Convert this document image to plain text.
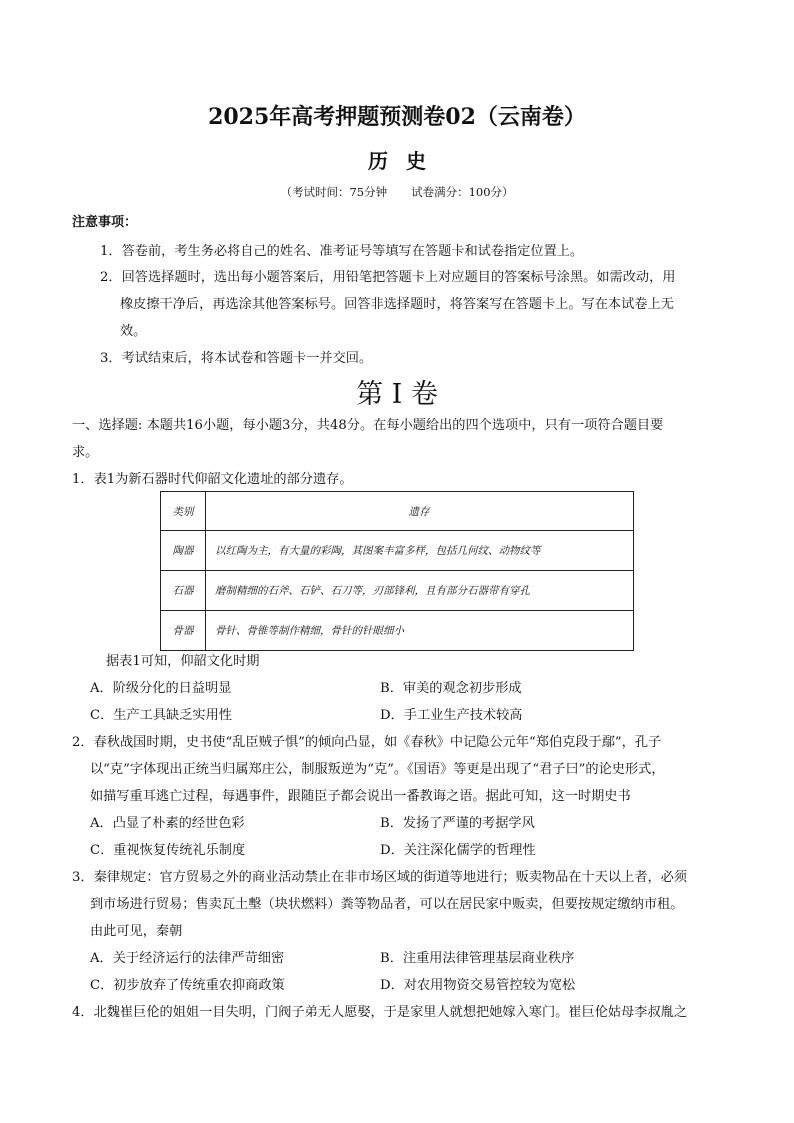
2025年高考押题预测卷02（云南卷）
历史
（考试时间：75分钟 试卷满分：100分）
注意事项：
1．答卷前，考生务必将自己的姓名、准考证号等填写在答题卡和试卷指定位置上。
2．回答选择题时，选出每小题答案后，用铅笔把答题卡上对应题目的答案标号涂黑。如需改动，用
橡皮擦干净后，再选涂其他答案标号。回答非选择题时，将答案写在答题卡上。写在本试卷上无
效。
3．考试结束后，将本试卷和答题卡一并交回。
第 I 卷
一、选择题: 本题共16小题，每小题3分，共48分。在每小题给出的四个选项中，只有一项符合题目要
求。
1．表1为新石器时代仰韶文化遗址的部分遗存。
类别	遗存
陶器	以红陶为主，有大量的彩陶，其图案丰富多样，包括几何纹、动物纹等
石器	磨制精细的石斧、石铲、石刀等，刃部锋利，且有部分石器带有穿孔
骨器	骨针、骨锥等制作精细，骨针的针眼细小
据表1可知，仰韶文化时期
A．阶级分化的日益明显	B．审美的观念初步形成
C．生产工具缺乏实用性	D．手工业生产技术较高
2．春秋战国时期，史书使“乱臣贼子惧”的倾向凸显，如《春秋》中记隐公元年“郑伯克段于鄢”，孔子
以“克”字体现出正统当归属郑庄公，制服叛逆为“克”。《国语》等更是出现了“君子曰”的论史形式，
如描写重耳逃亡过程，每遇事件，跟随臣子都会说出一番教诲之语。据此可知，这一时期史书
A．凸显了朴素的经世色彩	B．发扬了严谨的考据学风
C．重视恢复传统礼乐制度	D．关注深化儒学的哲理性
3．秦律规定：官方贸易之外的商业活动禁止在非市场区域的街道等地进行；贩卖物品在十天以上者，必须
到市场进行贸易；售卖瓦土墼（块状燃料）粪等物品者，可以在居民家中贩卖，但要按规定缴纳市租。
由此可见，秦朝
A．关于经济运行的法律严苛细密	B．注重用法律管理基层商业秩序
C．初步放弃了传统重农抑商政策	D．对农用物资交易管控较为宽松
4．北魏崔巨伦的姐姐一目失明，门阀子弟无人愿娶，于是家里人就想把她嫁入寒门。崔巨伦姑母李叔胤之
